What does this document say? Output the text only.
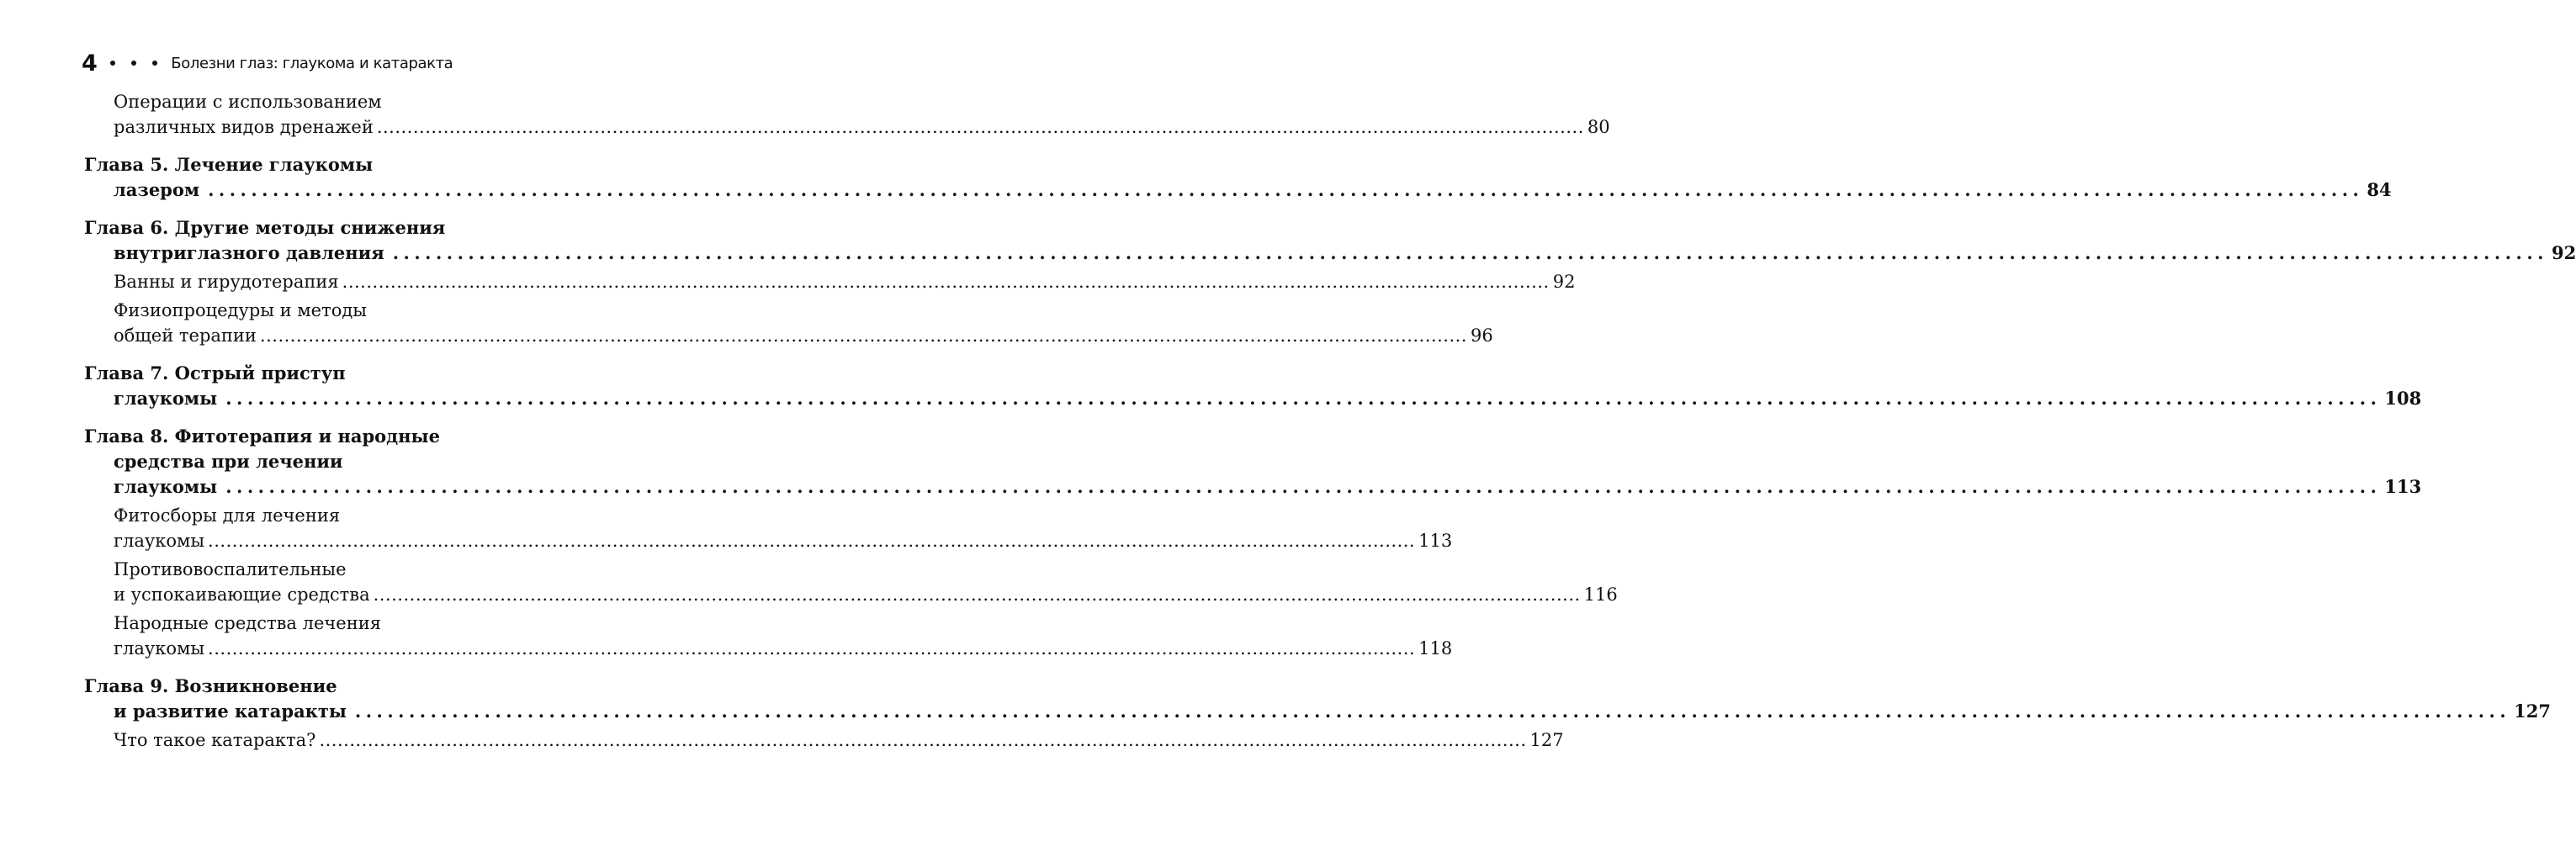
4	Болезни глаз: глаукома и катаракта
Операции с использованием
различных видов дренажей ........................................................................................................................................................................................................ 80
Глава 5. Лечение глаукомы
лазером ........................................................................................................................................................................................................ 84
Глава 6. Другие методы снижения
внутриглазного давления ........................................................................................................................................................................................................ 92
Ванны и гирудотерапия ........................................................................................................................................................................................................ 92
Физиопроцедуры и методы
общей терапии ........................................................................................................................................................................................................ 96
Глава 7. Острый приступ
глаукомы ........................................................................................................................................................................................................ 108
Глава 8. Фитотерапия и народные
средства при лечении
глаукомы ........................................................................................................................................................................................................ 113
Фитосборы для лечения
глаукомы ........................................................................................................................................................................................................ 113
Противовоспалительные
и успокаивающие средства ........................................................................................................................................................................................................ 116
Народные средства лечения
глаукомы ........................................................................................................................................................................................................ 118
Глава 9. Возникновение
и развитие катаракты ........................................................................................................................................................................................................ 127
Что такое катаракта? ........................................................................................................................................................................................................ 127
